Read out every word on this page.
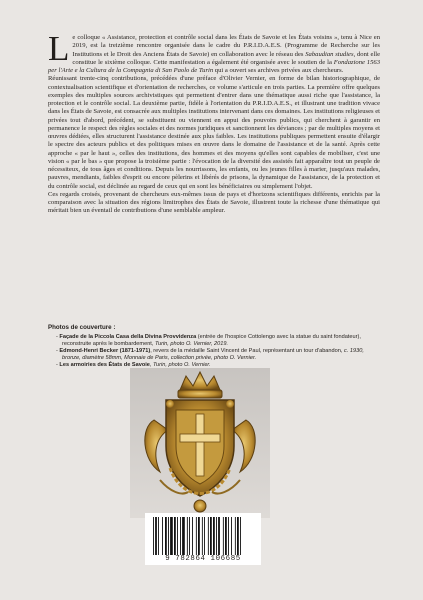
Le colloque « Assistance, protection et contrôle social dans les États de Savoie et les États voisins », tenu à Nice en 2019, est la treizième rencontre organisée dans le cadre du P.R.I.D.A.E.S. (Programme de Recherche sur les Institutions et le Droit des Anciens États de Savoie) en collaboration avec le réseau des Sabaudian studies, dont elle constitue le sixième colloque. Cette manifestation a également été organisée avec le soutien de la Fondazione 1563 per l'Arte e la Cultura de la Compagnia di San Paolo de Turin qui a ouvert ses archives privées aux chercheurs.

Réunissant trente-cinq contributions, précédées d'une préface d'Olivier Vernier, en forme de bilan historiographique, de contextualisation scientifique et d'orientation de recherches, ce volume s'articule en trois parties. La première offre quelques exemples des multiples sources archivistiques qui permettent d'entrer dans une thématique aussi riche que l'assistance, la protection et le contrôle social. La deuxième partie, fidèle à l'orientation du P.R.I.D.A.E.S., et illustrant une tradition vivace dans les États de Savoie, est consacrée aux multiples institutions intervenant dans ces domaines. Les institutions religieuses et privées tout d'abord, précédent, se substituent ou viennent en appui des pouvoirs publics, qui cherchent à garantir en permanence le respect des règles sociales et des normes juridiques et sanctionnent les déviances ; par de multiples moyens et œuvres dédiées, elles structurent l'assistance destinée aux plus faibles. Les institutions publiques permettent ensuite d'élargir le spectre des acteurs publics et des politiques mises en œuvre dans le domaine de l'assistance et de la santé. Après cette approche « par le haut », celles des institutions, des hommes et des moyens qu'elles sont capables de mobiliser, c'est une vision « par le bas » que propose la troisième partie : l'évocation de la diversité des assistés fait apparaître tout un peuple de nécessiteux, de tous âges et conditions. Depuis les nourrissons, les enfants, ou les jeunes filles à marier, jusqu'aux malades, pauvres, mendiants, faibles d'esprit ou encore pèlerins et libérés de prisons, la dynamique de l'assistance, de la protection et du contrôle social, est déclinée au regard de ceux qui en sont les bénéficiaires ou simplement l'objet.

Ces regards croisés, provenant de chercheurs eux-mêmes issus de pays et d'horizons scientifiques différents, enrichis par la comparaison avec la situation des régions limitrophes des États de Savoie, illustrent toute la richesse d'une thématique qui méritait bien un éventail de contributions d'une semblable ampleur.

Photos de couverture :
- Façade de la Piccola Casa della Divina Provvidenza (entrée de l'hospice Cottolengo avec la statue du saint fondateur), reconstruite après le bombardement, Turin, photo O. Vernier, 2019.
- Edmond-Henri Becker (1871-1971), revers de la médaille Saint Vincent de Paul, représentant un tour d'abandon, c. 1930, bronze, diamètre 58mm, Monnaie de Paris, collection privée, photo O. Vernier.
- Les armoiries des États de Savoie, Turin, photo O. Vernier.
9 782864 106685
